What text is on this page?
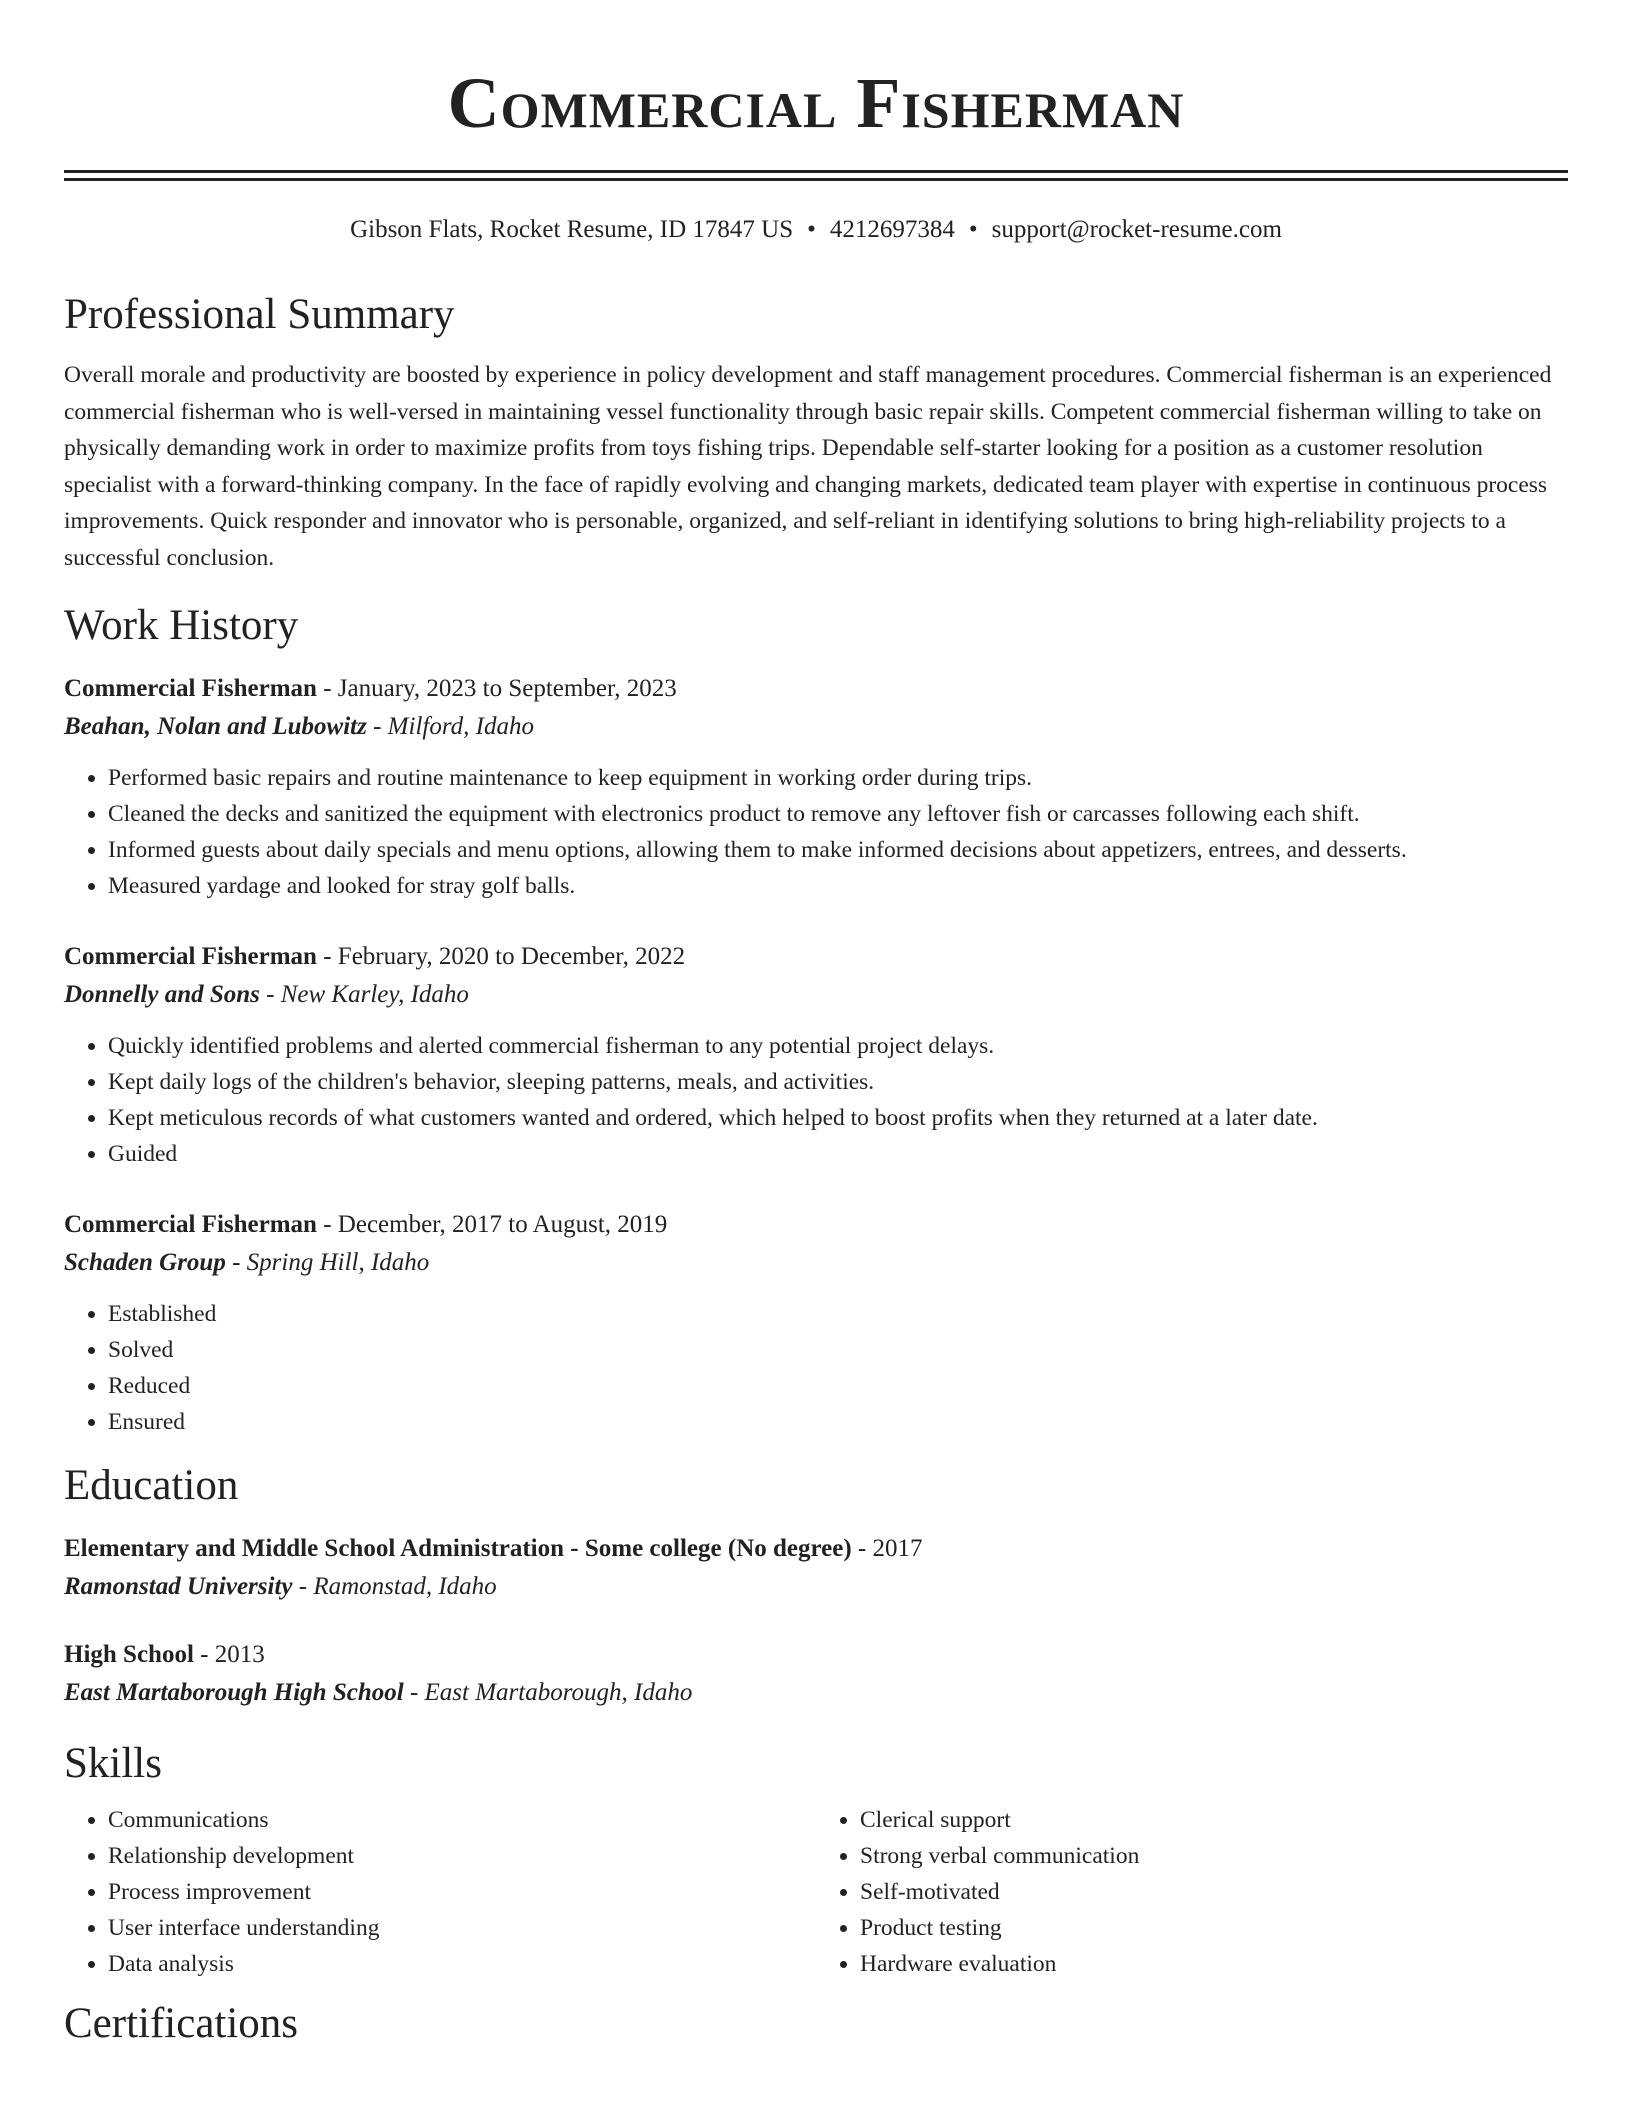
Commercial Fisherman
Gibson Flats, Rocket Resume, ID 17847 US • 4212697384 • support@rocket-resume.com
Professional Summary
Overall morale and productivity are boosted by experience in policy development and staff management procedures. Commercial fisherman is an experienced commercial fisherman who is well-versed in maintaining vessel functionality through basic repair skills. Competent commercial fisherman willing to take on physically demanding work in order to maximize profits from toys fishing trips. Dependable self-starter looking for a position as a customer resolution specialist with a forward-thinking company. In the face of rapidly evolving and changing markets, dedicated team player with expertise in continuous process improvements. Quick responder and innovator who is personable, organized, and self-reliant in identifying solutions to bring high-reliability projects to a successful conclusion.
Work History
Commercial Fisherman - January, 2023 to September, 2023
Beahan, Nolan and Lubowitz - Milford, Idaho
• Performed basic repairs and routine maintenance to keep equipment in working order during trips.
• Cleaned the decks and sanitized the equipment with electronics product to remove any leftover fish or carcasses following each shift.
• Informed guests about daily specials and menu options, allowing them to make informed decisions about appetizers, entrees, and desserts.
• Measured yardage and looked for stray golf balls.
Commercial Fisherman - February, 2020 to December, 2022
Donnelly and Sons - New Karley, Idaho
• Quickly identified problems and alerted commercial fisherman to any potential project delays.
• Kept daily logs of the children's behavior, sleeping patterns, meals, and activities.
• Kept meticulous records of what customers wanted and ordered, which helped to boost profits when they returned at a later date.
• Guided
Commercial Fisherman - December, 2017 to August, 2019
Schaden Group - Spring Hill, Idaho
• Established
• Solved
• Reduced
• Ensured
Education
Elementary and Middle School Administration - Some college (No degree) - 2017
Ramonstad University - Ramonstad, Idaho
High School - 2013
East Martaborough High School - East Martaborough, Idaho
Skills
• Communications
• Relationship development
• Process improvement
• User interface understanding
• Data analysis
• Clerical support
• Strong verbal communication
• Self-motivated
• Product testing
• Hardware evaluation
Certifications
